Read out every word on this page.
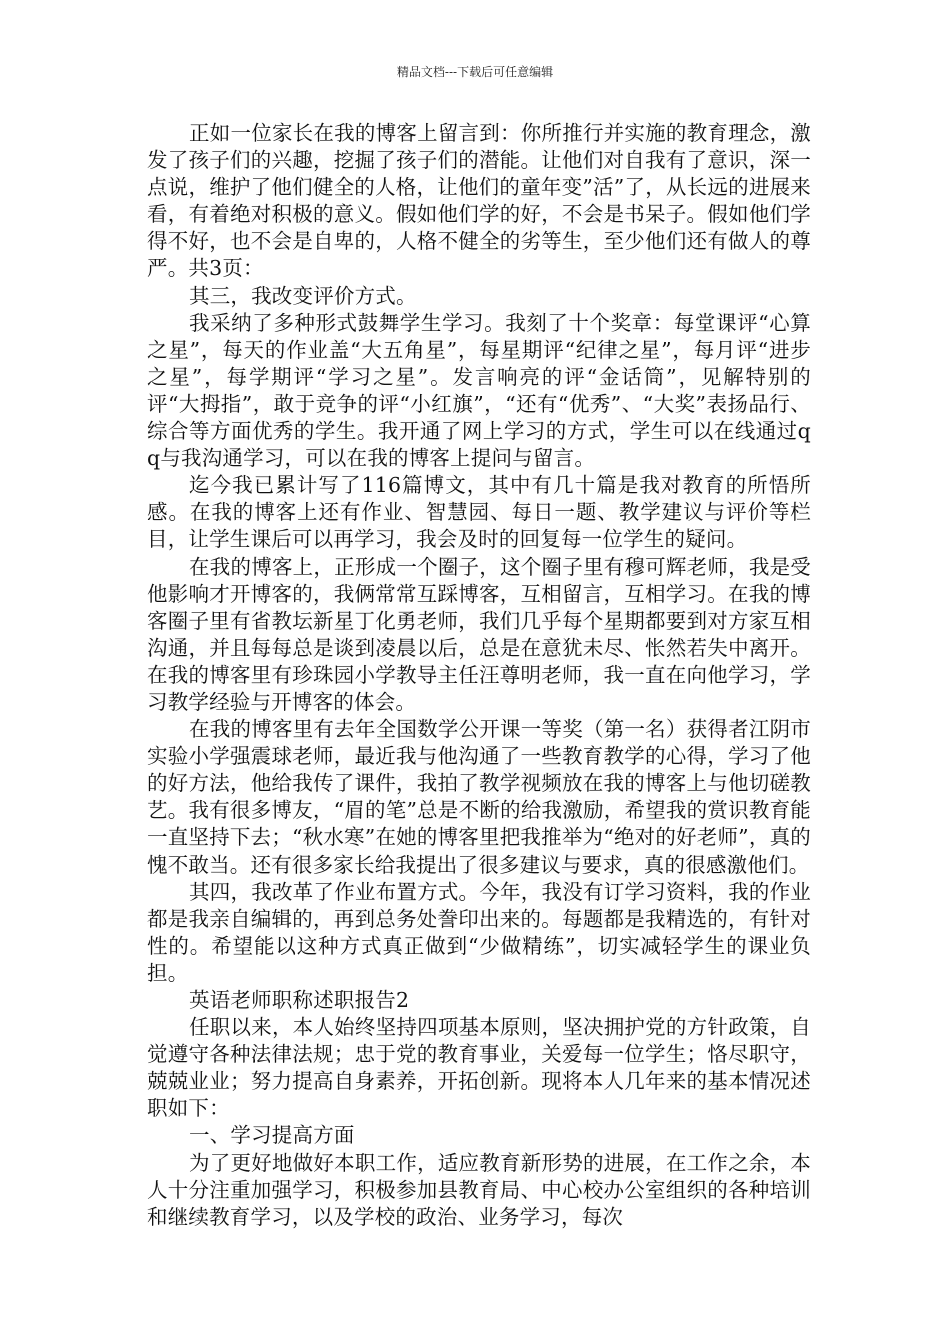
精品文档---下载后可任意编辑

正如一位家长在我的博客上留言到：你所推行并实施的教育理念，激发了孩子们的兴趣，挖掘了孩子们的潜能。让他们对自我有了意识，深一点说，维护了他们健全的人格，让他们的童年变”活”了，从长远的进展来看，有着绝对积极的意义。假如他们学的好，不会是书呆子。假如他们学得不好，也不会是自卑的，人格不健全的劣等生，至少他们还有做人的尊严。共3页：

其三，我改变评价方式。

我采纳了多种形式鼓舞学生学习。我刻了十个奖章：每堂课评“心算之星”，每天的作业盖“大五角星”，每星期评“纪律之星”，每月评“进步之星”，每学期评“学习之星”。发言响亮的评“金话筒”，见解特别的评“大拇指”，敢于竞争的评“小红旗”，“还有“优秀”、“大奖”表扬品行、综合等方面优秀的学生。我开通了网上学习的方式，学生可以在线通过qq与我沟通学习，可以在我的博客上提问与留言。

迄今我已累计写了116篇博文，其中有几十篇是我对教育的所悟所感。在我的博客上还有作业、智慧园、每日一题、教学建议与评价等栏目，让学生课后可以再学习，我会及时的回复每一位学生的疑问。

在我的博客上，正形成一个圈子，这个圈子里有穆可辉老师，我是受他影响才开博客的，我俩常常互踩博客，互相留言，互相学习。在我的博客圈子里有省教坛新星丁化勇老师，我们几乎每个星期都要到对方家互相沟通，并且每每总是谈到凌晨以后，总是在意犹未尽、怅然若失中离开。在我的博客里有珍珠园小学教导主任汪尊明老师，我一直在向他学习，学习教学经验与开博客的体会。

在我的博客里有去年全国数学公开课一等奖（第一名）获得者江阴市实验小学强震球老师，最近我与他沟通了一些教育教学的心得，学习了他的好方法，他给我传了课件，我拍了教学视频放在我的博客上与他切磋教艺。我有很多博友，“眉的笔”总是不断的给我激励，希望我的赏识教育能一直坚持下去；“秋水寒”在她的博客里把我推举为“绝对的好老师”，真的愧不敢当。还有很多家长给我提出了很多建议与要求，真的很感激他们。

其四，我改革了作业布置方式。今年，我没有订学习资料，我的作业都是我亲自编辑的，再到总务处誊印出来的。每题都是我精选的，有针对性的。希望能以这种方式真正做到“少做精练”，切实减轻学生的课业负担。

英语老师职称述职报告2

任职以来，本人始终坚持四项基本原则，坚决拥护党的方针政策，自觉遵守各种法律法规；忠于党的教育事业，关爱每一位学生；恪尽职守，兢兢业业；努力提高自身素养，开拓创新。现将本人几年来的基本情况述职如下：

一、学习提高方面

为了更好地做好本职工作，适应教育新形势的进展，在工作之余，本人十分注重加强学习，积极参加县教育局、中心校办公室组织的各种培训和继续教育学习，以及学校的政治、业务学习，每次
